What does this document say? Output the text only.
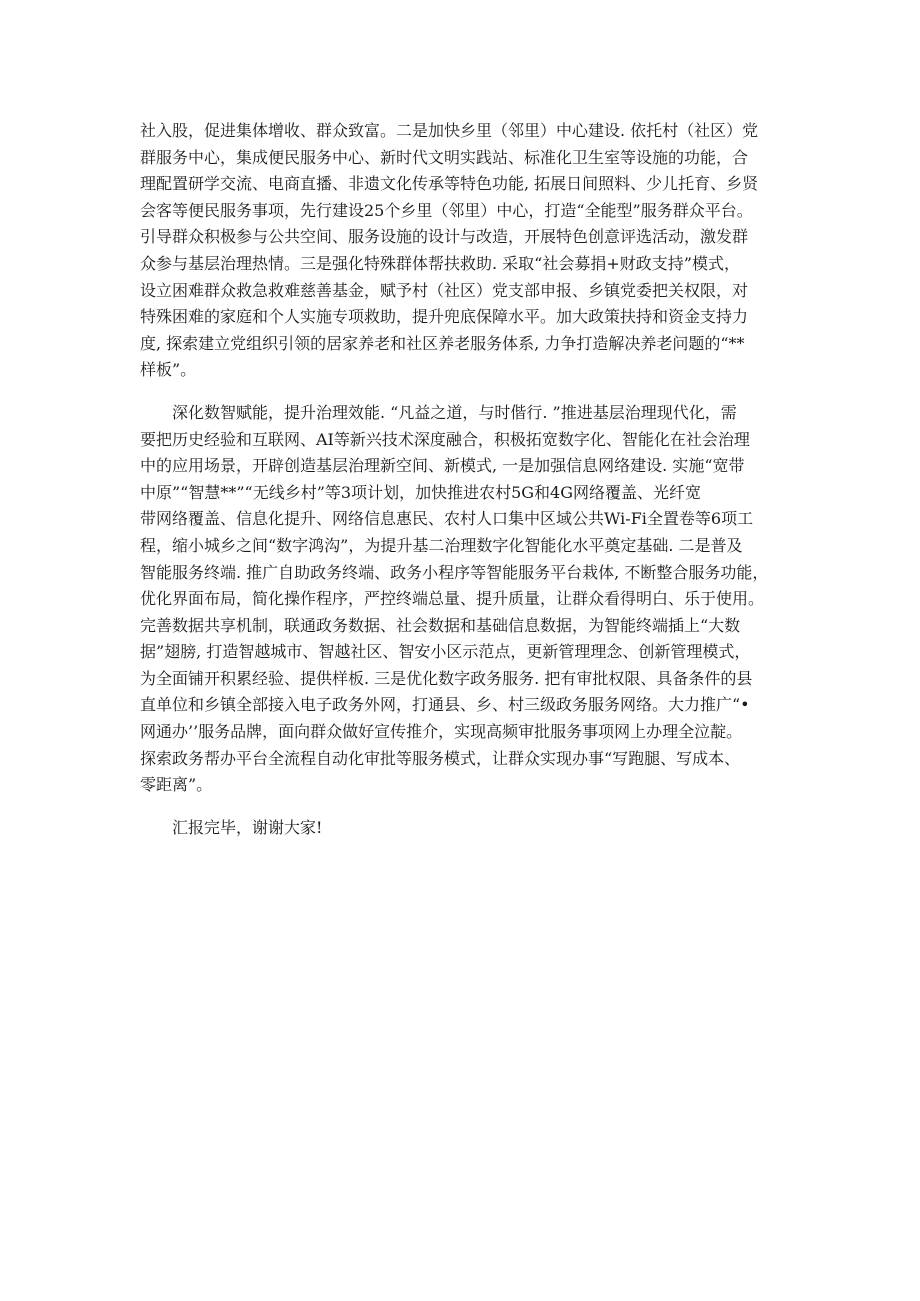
社入股，促进集体增收、群众致富。二是加快乡里（邻里）中心建设. 依托村（社区）党
群服务中心，集成便民服务中心、新时代文明实践站、标准化卫生室等设施的功能，合
理配置研学交流、电商直播、非遗文化传承等特色功能, 拓展日间照料、少儿托育、乡贤
会客等便民服务事项，先行建设25个乡里（邻里）中心，打造“全能型”服务群众平台。
引导群众积极参与公共空间、服务设施的设计与改造，开展特色创意评选活动，激发群
众参与基层治理热情。三是强化特殊群体帮扶救助. 采取“社会募捐+财政支持”模式，
设立困难群众救急救难慈善基金，赋予村（社区）党支部申报、乡镇党委把关权限，对
特殊困难的家庭和个人实施专项救助，提升兜底保障水平。加大政策扶持和资金支持力
度, 探索建立党组织引领的居家养老和社区养老服务体系, 力争打造解决养老问题的“**
样板”。
深化数智赋能，提升治理效能. “凡益之道，与时偕行. ”推进基层治理现代化，需
要把历史经验和互联网、AI等新兴技术深度融合，积极拓宽数字化、智能化在社会治理
中的应用场景，开辟创造基层治理新空间、新模式, 一是加强信息网络建设. 实施“宽带
中原”“智慧**”“无线乡村”等3项计划，加快推进农村5G和4G网络覆盖、光纤宽
带网络覆盖、信息化提升、网络信息惠民、农村人口集中区域公共Wi-Fi全置卷等6项工
程，缩小城乡之间“数字鸿沟”，为提升基二治理数字化智能化水平奠定基础. 二是普及
智能服务终端. 推广自助政务终端、政务小程序等智能服务平台栽体, 不断整合服务功能，
优化界面布局，简化操作程序，严控终端总量、提升质量，让群众看得明白、乐于使用。
完善数据共享机制，联通政务数据、社会数据和基础信息数据，为智能终端插上“大数
据”翅膀, 打造智越城市、智越社区、智安小区示范点，更新管理理念、创新管理模式，
为全面铺开积累经验、提供样板. 三是优化数字政务服务. 把有审批权限、具备条件的县
直单位和乡镇全部接入电子政务外网，打通县、乡、村三级政务服务网络。大力推广“•
网通办’’服务品牌，面向群众做好宣传推介，实现高频审批服务事项网上办理全泣靛。
探索政务帮办平台全流程自动化审批等服务模式，让群众实现办事“写跑腿、写成本、
零距离”。
汇报完毕，谢谢大家!
